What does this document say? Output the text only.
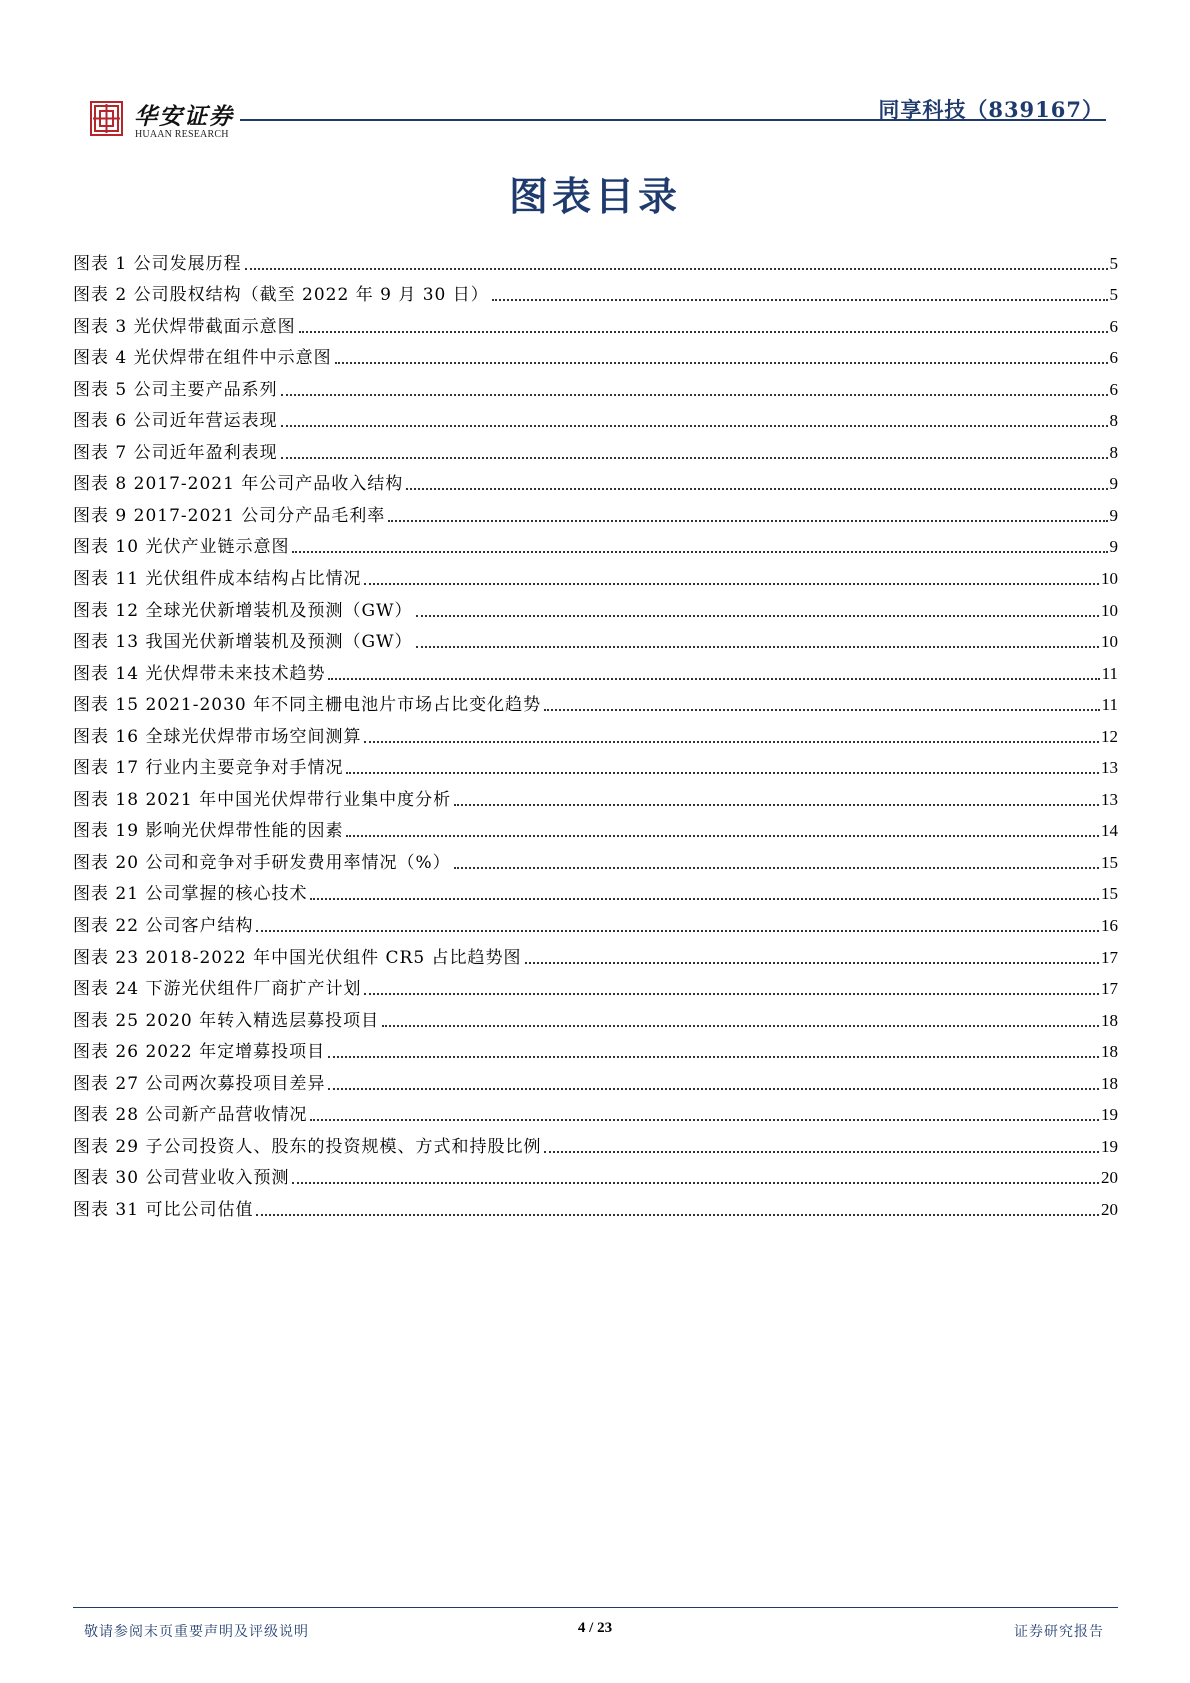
华安证券
HUAAN RESEARCH
同享科技（839167）
图表目录
图表 1 公司发展历程	5
图表 2 公司股权结构（截至 2022 年 9 月 30 日）	5
图表 3 光伏焊带截面示意图	6
图表 4 光伏焊带在组件中示意图	6
图表 5 公司主要产品系列	6
图表 6 公司近年营运表现	8
图表 7 公司近年盈利表现	8
图表 8 2017-2021 年公司产品收入结构	9
图表 9 2017-2021 公司分产品毛利率	9
图表 10 光伏产业链示意图	9
图表 11 光伏组件成本结构占比情况	10
图表 12 全球光伏新增装机及预测（GW）	10
图表 13 我国光伏新增装机及预测（GW）	10
图表 14 光伏焊带未来技术趋势	11
图表 15 2021-2030 年不同主栅电池片市场占比变化趋势	11
图表 16 全球光伏焊带市场空间测算	12
图表 17 行业内主要竞争对手情况	13
图表 18 2021 年中国光伏焊带行业集中度分析	13
图表 19 影响光伏焊带性能的因素	14
图表 20 公司和竞争对手研发费用率情况（%）	15
图表 21 公司掌握的核心技术	15
图表 22 公司客户结构	16
图表 23 2018-2022 年中国光伏组件 CR5 占比趋势图	17
图表 24 下游光伏组件厂商扩产计划	17
图表 25 2020 年转入精选层募投项目	18
图表 26 2022 年定增募投项目	18
图表 27 公司两次募投项目差异	18
图表 28 公司新产品营收情况	19
图表 29 子公司投资人、股东的投资规模、方式和持股比例	19
图表 30 公司营业收入预测	20
图表 31 可比公司估值	20
敬请参阅末页重要声明及评级说明	4 / 23	证券研究报告
